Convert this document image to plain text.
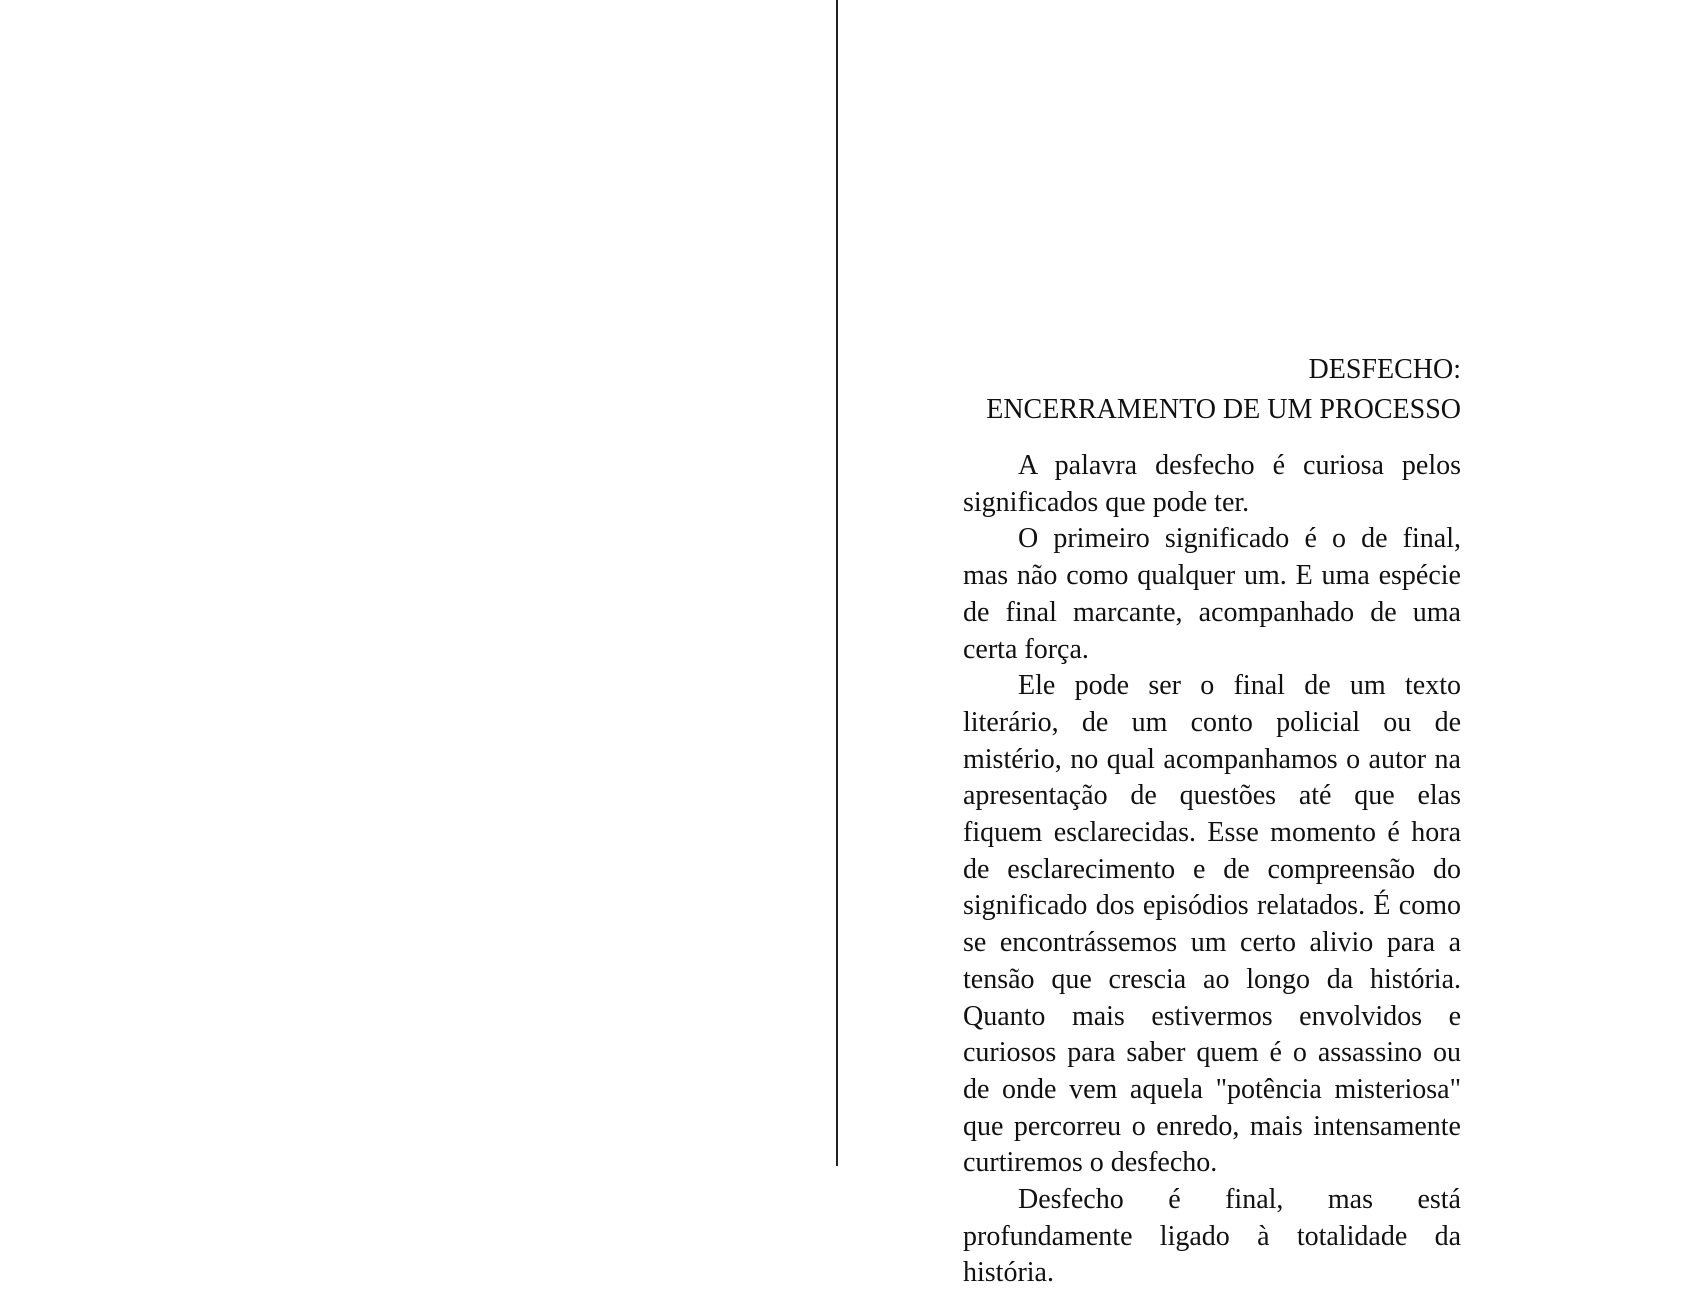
DESFECHO:
ENCERRAMENTO DE UM PROCESSO

A palavra desfecho é curiosa pelos significados que pode ter.

O primeiro significado é o de final, mas não como qualquer um. E uma espécie de final marcante, acompanhado de uma certa força.

Ele pode ser o final de um texto literário, de um conto policial ou de mistério, no qual acompanhamos o autor na apresentação de questões até que elas fiquem esclarecidas. Esse momento é hora de esclarecimento e de compreensão do significado dos episódios relatados. É como se encontrássemos um certo alivio para a tensão que crescia ao longo da história. Quanto mais estivermos envolvidos e curiosos para saber quem é o assassino ou de onde vem aquela "potência misteriosa" que percorreu o enredo, mais intensamente curtiremos o desfecho.

Desfecho é final, mas está profundamente ligado à totalidade da história.
